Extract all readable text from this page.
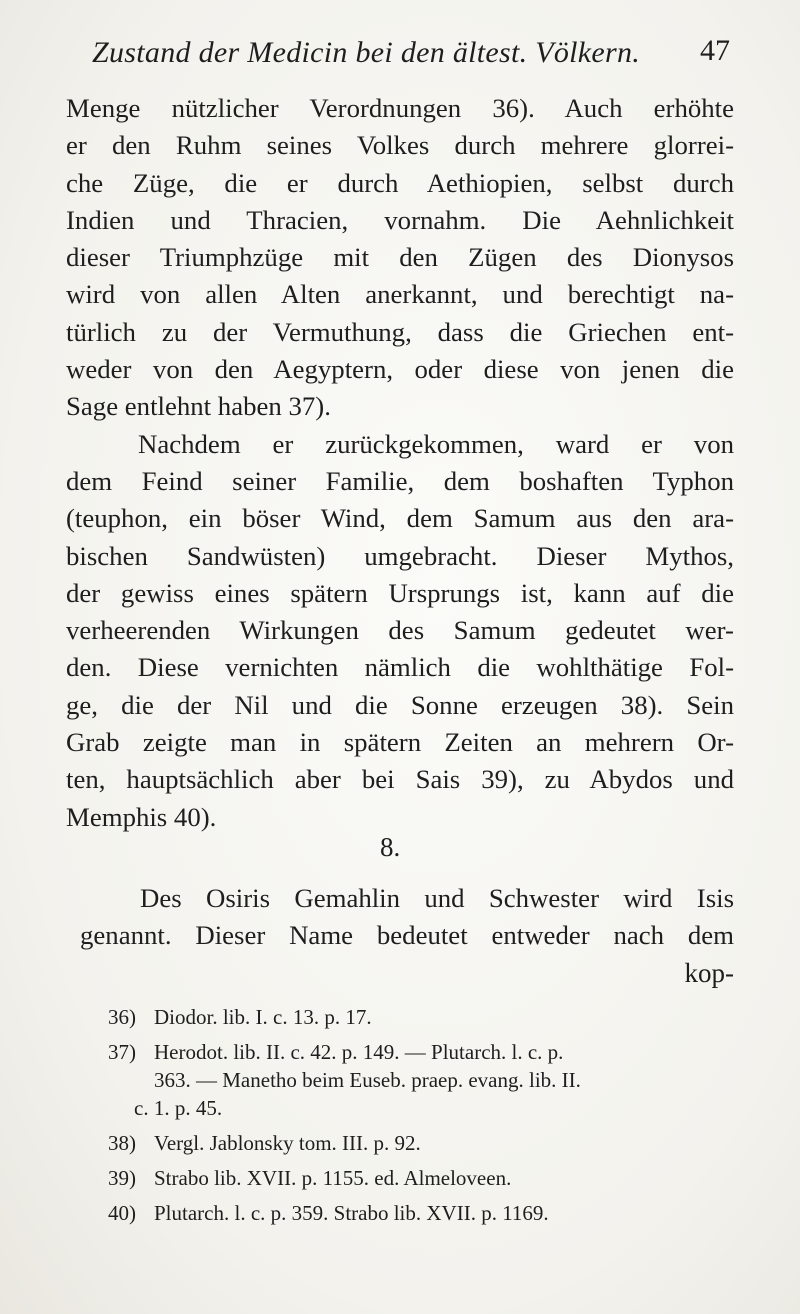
Zustand der Medicin bei den ältest. Völkern. 47
Menge nützlicher Verordnungen 36). Auch erhöhte
er den Ruhm seines Volkes durch mehrere glorrei-
che Züge, die er durch Aethiopien, selbst durch
Indien und Thracien, vornahm. Die Aehnlichkeit
dieser Triumphzüge mit den Zügen des Dionysos
wird von allen Alten anerkannt, und berechtigt na-
türlich zu der Vermuthung, dass die Griechen ent-
weder von den Aegyptern, oder diese von jenen die
Sage entlehnt haben 37).
Nachdem er zurückgekommen, ward er von
dem Feind seiner Familie, dem boshaften Typhon
(teuphon, ein böser Wind, dem Samum aus den ara-
bischen Sandwüsten) umgebracht. Dieser Mythos,
der gewiss eines spätern Ursprungs ist, kann auf die
verheerenden Wirkungen des Samum gedeutet wer-
den. Diese vernichten nämlich die wohlthätige Fol-
ge, die der Nil und die Sonne erzeugen 38). Sein
Grab zeigte man in spätern Zeiten an mehrern Or-
ten, hauptsächlich aber bei Sais 39), zu Abydos und
Memphis 40).
8.
Des Osiris Gemahlin und Schwester wird Isis
genannt. Dieser Name bedeutet entweder nach dem
kop-
36) Diodor. lib. I. c. 13. p. 17.
37) Herodot. lib. II. c. 42. p. 149. — Plutarch. l. c. p.
363. — Manetho beim Euseb. praep. evang. lib. II.
c. 1. p. 45.
38) Vergl. Jablonsky tom. III. p. 92.
39) Strabo lib. XVII. p. 1155. ed. Almeloveen.
40) Plutarch. l. c. p. 359. Strabo lib. XVII. p. 1169.
